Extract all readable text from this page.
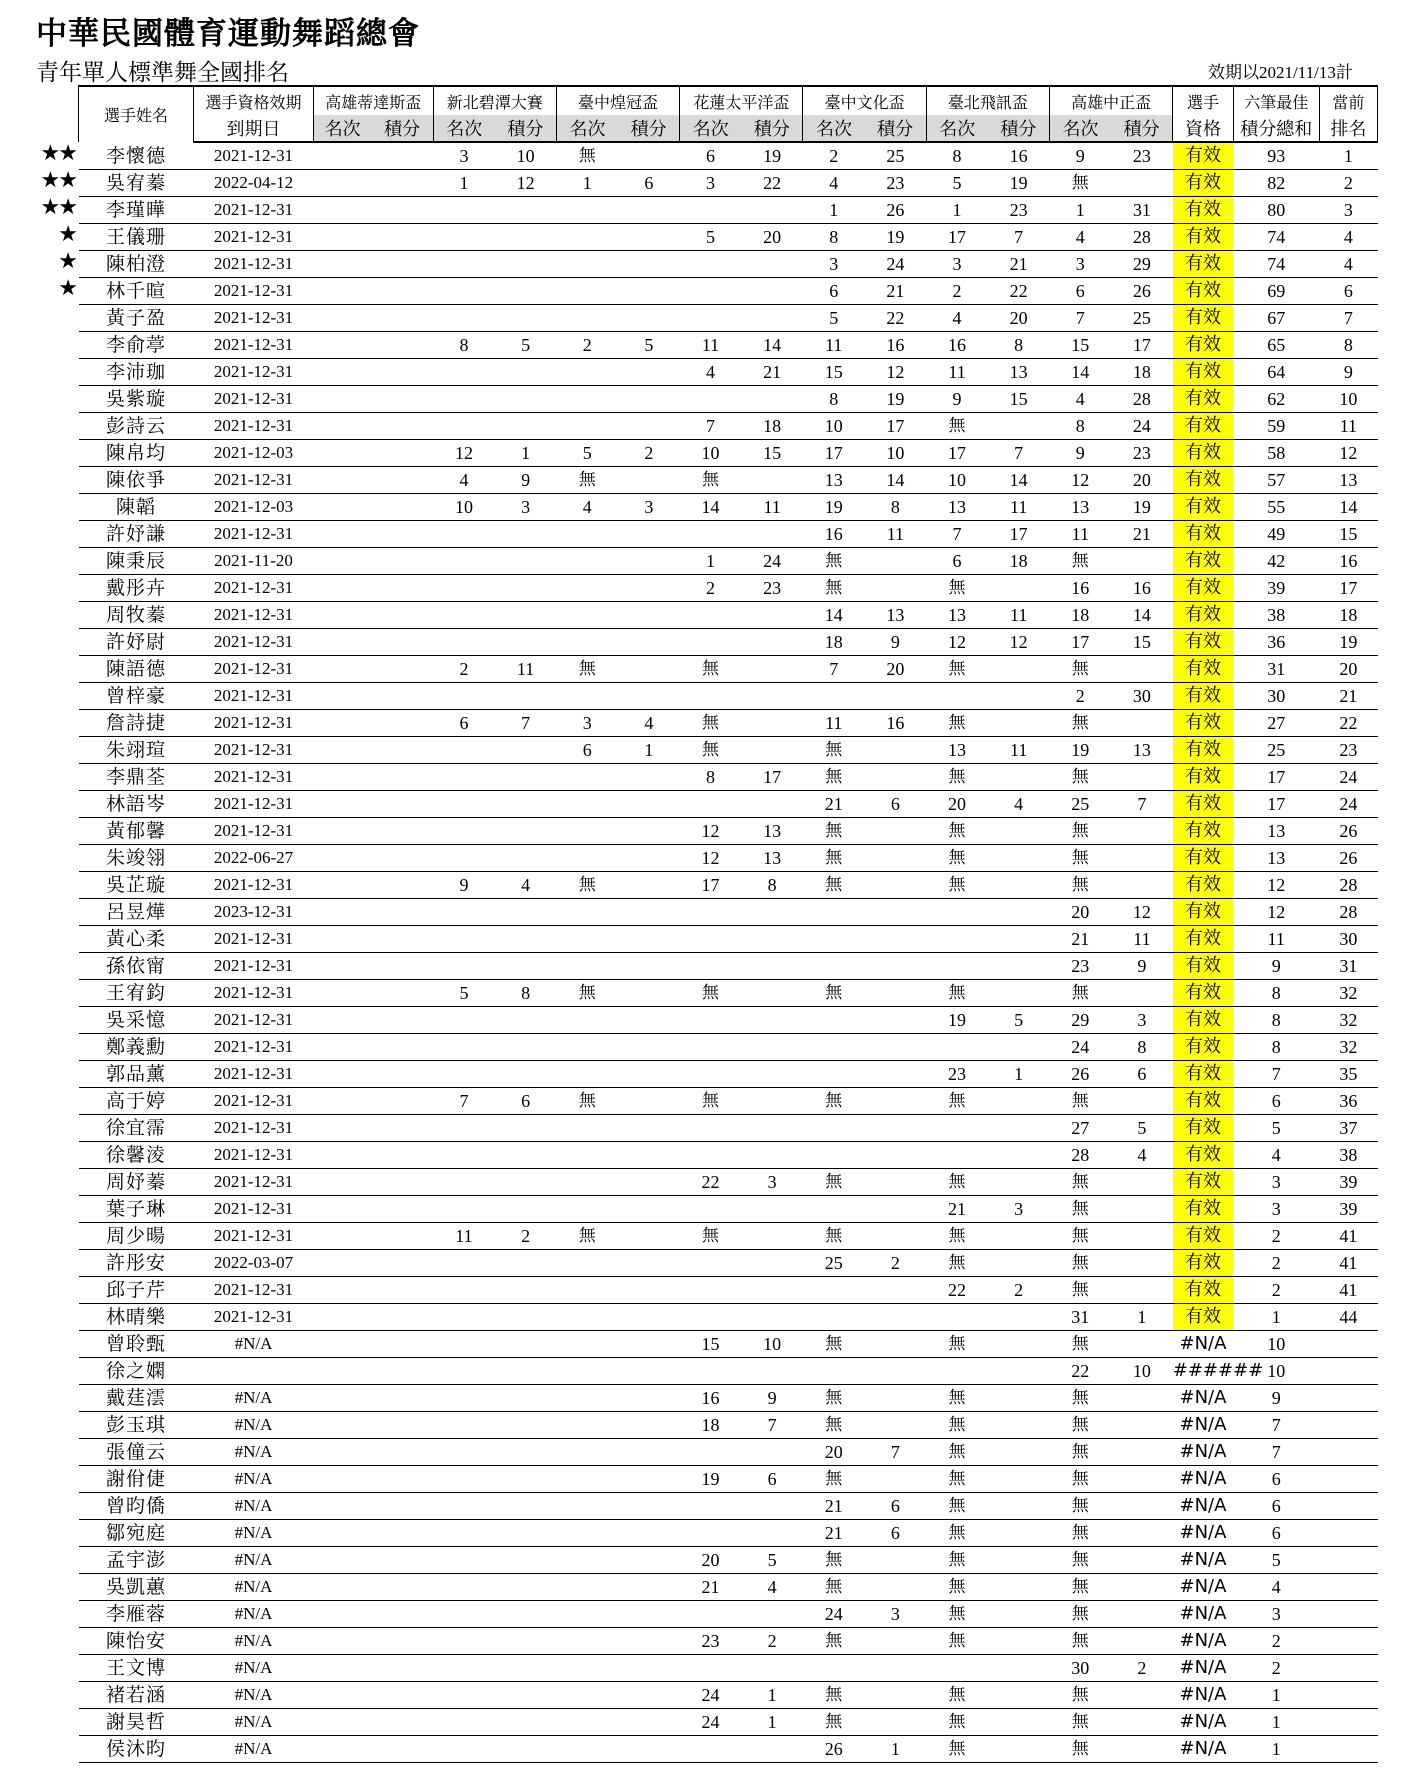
中華民國體育運動舞蹈總會
青年單人標準舞全國排名	效期以2021/11/13計
★★
★★
★★
★
★
★
選手姓名	選手資格效期	高雄蒂達斯盃		新北碧潭大賽		臺中煌冠盃		花蓮太平洋盃		臺中文化盃		臺北飛訊盃		高雄中正盃		選手	六筆最佳	當前
	到期日	名次	積分	名次	積分	名次	積分	名次	積分	名次	積分	名次	積分	名次	積分	資格	積分總和	排名
李懷德	2021-12-31			3	10	無		6	19	2	25	8	16	9	23	有效	93	1
吳宥蓁	2022-04-12			1	12	1	6	3	22	4	23	5	19	無		有效	82	2
李瑾曄	2021-12-31									1	26	1	23	1	31	有效	80	3
王儀珊	2021-12-31							5	20	8	19	17	7	4	28	有效	74	4
陳柏澄	2021-12-31									3	24	3	21	3	29	有效	74	4
林千暄	2021-12-31									6	21	2	22	6	26	有效	69	6
黃子盈	2021-12-31									5	22	4	20	7	25	有效	67	7
李俞葶	2021-12-31			8	5	2	5	11	14	11	16	16	8	15	17	有效	65	8
李沛珈	2021-12-31							4	21	15	12	11	13	14	18	有效	64	9
吳紫璇	2021-12-31									8	19	9	15	4	28	有效	62	10
彭詩云	2021-12-31							7	18	10	17	無		8	24	有效	59	11
陳帛均	2021-12-03			12	1	5	2	10	15	17	10	17	7	9	23	有效	58	12
陳依爭	2021-12-31			4	9	無		無		13	14	10	14	12	20	有效	57	13
陳韜	2021-12-03			10	3	4	3	14	11	19	8	13	11	13	19	有效	55	14
許妤謙	2021-12-31									16	11	7	17	11	21	有效	49	15
陳秉辰	2021-11-20							1	24	無		6	18	無		有效	42	16
戴彤卉	2021-12-31							2	23	無		無		16	16	有效	39	17
周牧蓁	2021-12-31									14	13	13	11	18	14	有效	38	18
許妤尉	2021-12-31									18	9	12	12	17	15	有效	36	19
陳語德	2021-12-31			2	11	無		無		7	20	無		無		有效	31	20
曾梓豪	2021-12-31													2	30	有效	30	21
詹詩捷	2021-12-31			6	7	3	4	無		11	16	無		無		有效	27	22
朱翊瑄	2021-12-31					6	1	無		無		13	11	19	13	有效	25	23
李鼎荃	2021-12-31							8	17	無		無		無		有效	17	24
林語岑	2021-12-31									21	6	20	4	25	7	有效	17	24
黃郁馨	2021-12-31							12	13	無		無		無		有效	13	26
朱竣翎	2022-06-27							12	13	無		無		無		有效	13	26
吳芷璇	2021-12-31			9	4	無		17	8	無		無		無		有效	12	28
呂昱燁	2023-12-31													20	12	有效	12	28
黃心柔	2021-12-31													21	11	有效	11	30
孫依甯	2021-12-31													23	9	有效	9	31
王宥鈞	2021-12-31			5	8	無		無		無		無		無		有效	8	32
吳采憶	2021-12-31											19	5	29	3	有效	8	32
鄭義勳	2021-12-31													24	8	有效	8	32
郭品薰	2021-12-31											23	1	26	6	有效	7	35
高于婷	2021-12-31			7	6	無		無		無		無		無		有效	6	36
徐宜霈	2021-12-31													27	5	有效	5	37
徐馨淩	2021-12-31													28	4	有效	4	38
周妤蓁	2021-12-31							22	3	無		無		無		有效	3	39
葉子琳	2021-12-31											21	3	無		有效	3	39
周少暘	2021-12-31			11	2	無		無		無		無		無		有效	2	41
許彤安	2022-03-07									25	2	無		無		有效	2	41
邱子芹	2021-12-31											22	2	無		有效	2	41
林晴樂	2021-12-31													31	1	有效	1	44
曾聆甄	#N/A							15	10	無		無		無		#N/A	10	
徐之嫻														22	10	######	10	
戴莛澐	#N/A							16	9	無		無		無		#N/A	9	
彭玉琪	#N/A							18	7	無		無		無		#N/A	7	
張僮云	#N/A									20	7	無		無		#N/A	7	
謝佾倢	#N/A							19	6	無		無		無		#N/A	6	
曾昀僑	#N/A									21	6	無		無		#N/A	6	
鄒宛庭	#N/A									21	6	無		無		#N/A	6	
孟宇澎	#N/A							20	5	無		無		無		#N/A	5	
吳凱蕙	#N/A							21	4	無		無		無		#N/A	4	
李雁蓉	#N/A									24	3	無		無		#N/A	3	
陳怡安	#N/A							23	2	無		無		無		#N/A	2	
王文博	#N/A													30	2	#N/A	2	
褚若涵	#N/A							24	1	無		無		無		#N/A	1	
謝昊哲	#N/A							24	1	無		無		無		#N/A	1	
侯沐昀	#N/A									26	1	無		無		#N/A	1	
